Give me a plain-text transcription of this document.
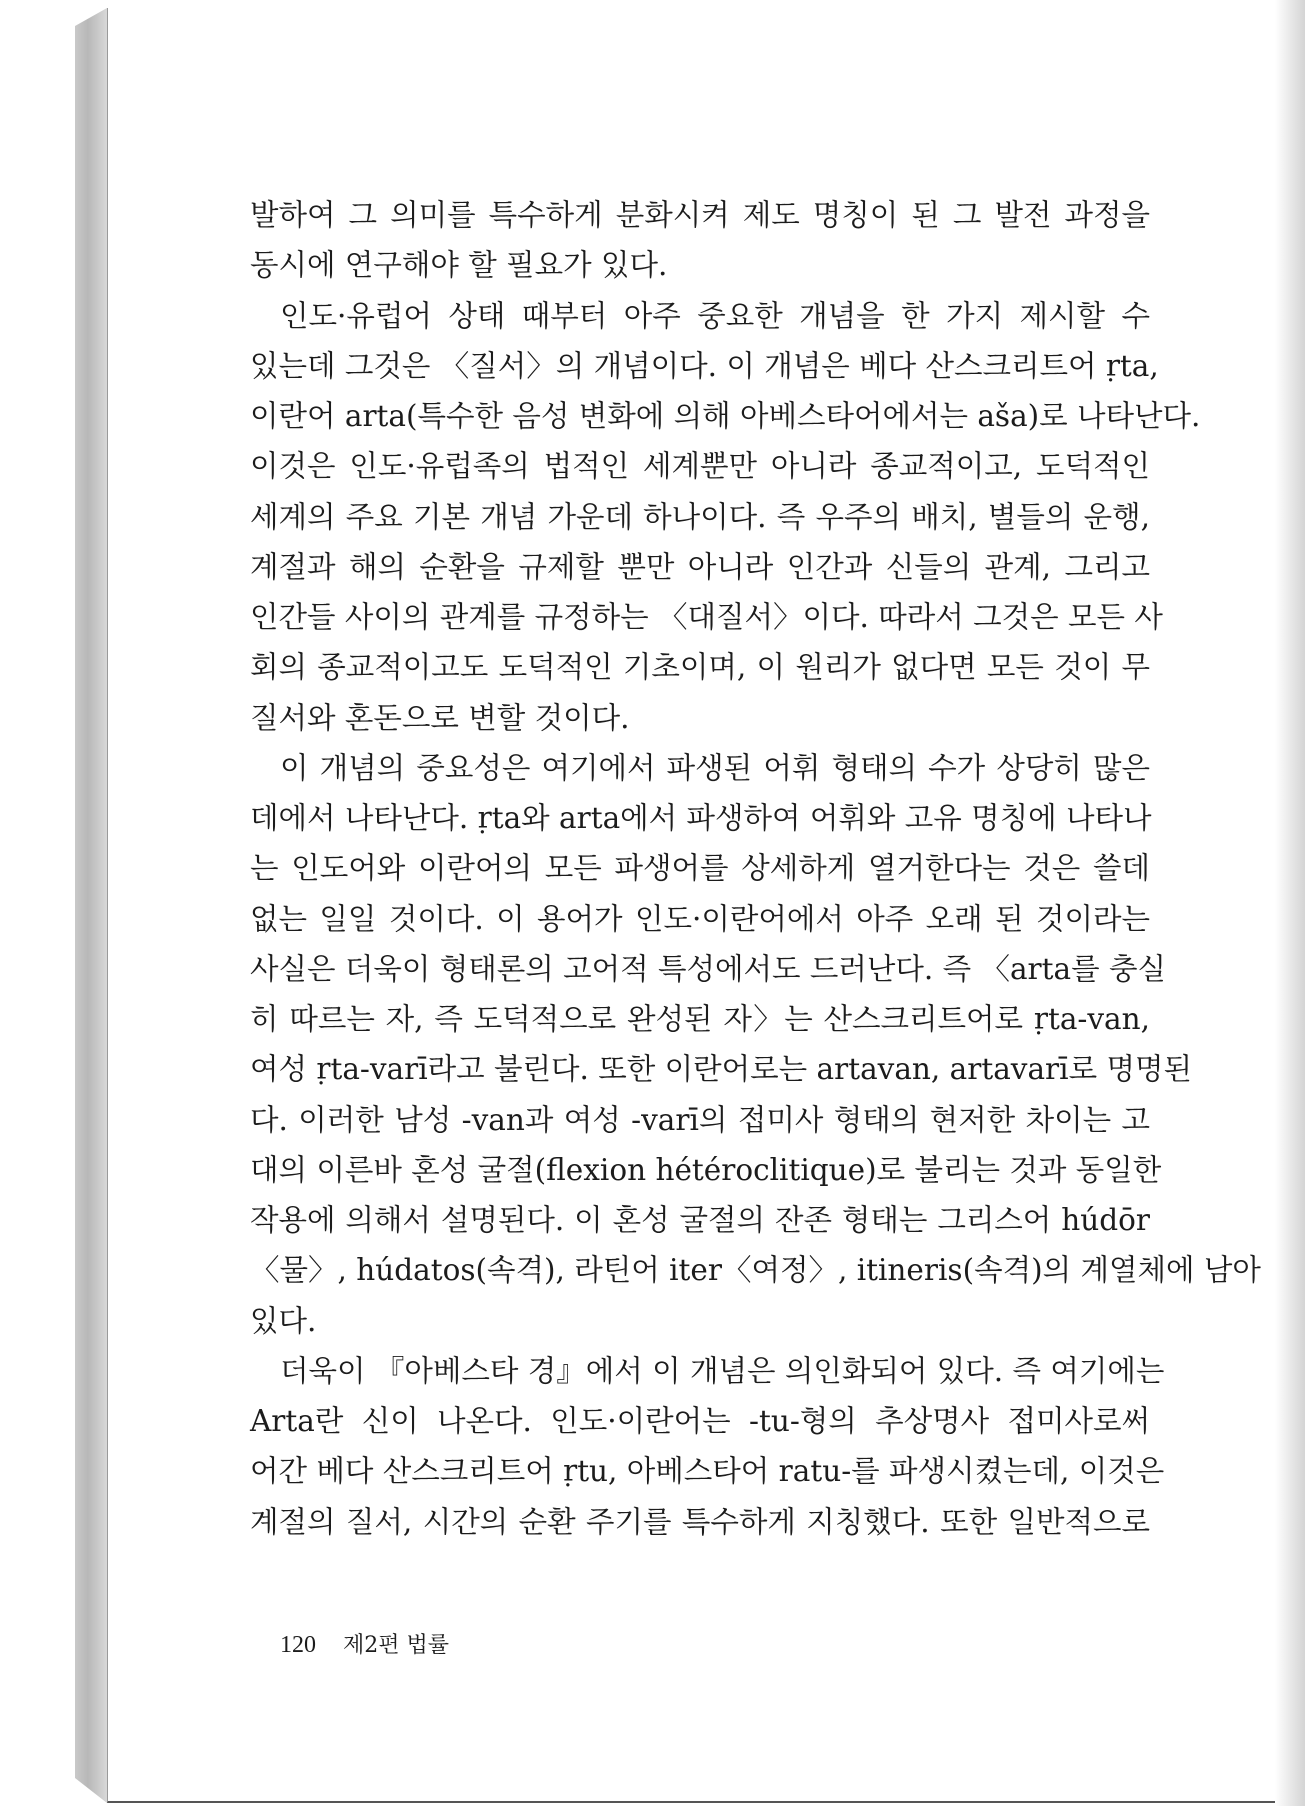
발하여 그 의미를 특수하게 분화시켜 제도 명칭이 된 그 발전 과정을
동시에 연구해야 할 필요가 있다.
인도·유럽어 상태 때부터 아주 중요한 개념을 한 가지 제시할 수
있는데 그것은 〈질서〉의 개념이다. 이 개념은 베다 산스크리트어 ṛta,
이란어 arta(특수한 음성 변화에 의해 아베스타어에서는 aša)로 나타난다.
이것은 인도·유럽족의 법적인 세계뿐만 아니라 종교적이고, 도덕적인
세계의 주요 기본 개념 가운데 하나이다. 즉 우주의 배치, 별들의 운행,
계절과 해의 순환을 규제할 뿐만 아니라 인간과 신들의 관계, 그리고
인간들 사이의 관계를 규정하는 〈대질서〉이다. 따라서 그것은 모든 사
회의 종교적이고도 도덕적인 기초이며, 이 원리가 없다면 모든 것이 무
질서와 혼돈으로 변할 것이다.
이 개념의 중요성은 여기에서 파생된 어휘 형태의 수가 상당히 많은
데에서 나타난다. ṛta와 arta에서 파생하여 어휘와 고유 명칭에 나타나
는 인도어와 이란어의 모든 파생어를 상세하게 열거한다는 것은 쓸데
없는 일일 것이다. 이 용어가 인도·이란어에서 아주 오래 된 것이라는
사실은 더욱이 형태론의 고어적 특성에서도 드러난다. 즉 〈arta를 충실
히 따르는 자, 즉 도덕적으로 완성된 자〉는 산스크리트어로 ṛta-van,
여성 ṛta-varī라고 불린다. 또한 이란어로는 artavan, artavarī로 명명된
다. 이러한 남성 -van과 여성 -varī의 접미사 형태의 현저한 차이는 고
대의 이른바 혼성 굴절(flexion hétéroclitique)로 불리는 것과 동일한
작용에 의해서 설명된다. 이 혼성 굴절의 잔존 형태는 그리스어 húdōr
〈물〉, húdatos(속격), 라틴어 iter〈여정〉, itineris(속격)의 계열체에 남아
있다.
더욱이 『아베스타 경』에서 이 개념은 의인화되어 있다. 즉 여기에는
Arta란 신이 나온다. 인도·이란어는 -tu-형의 추상명사 접미사로써
어간 베다 산스크리트어 ṛtu, 아베스타어 ratu-를 파생시켰는데, 이것은
계절의 질서, 시간의 순환 주기를 특수하게 지칭했다. 또한 일반적으로
120 제2편 법률
